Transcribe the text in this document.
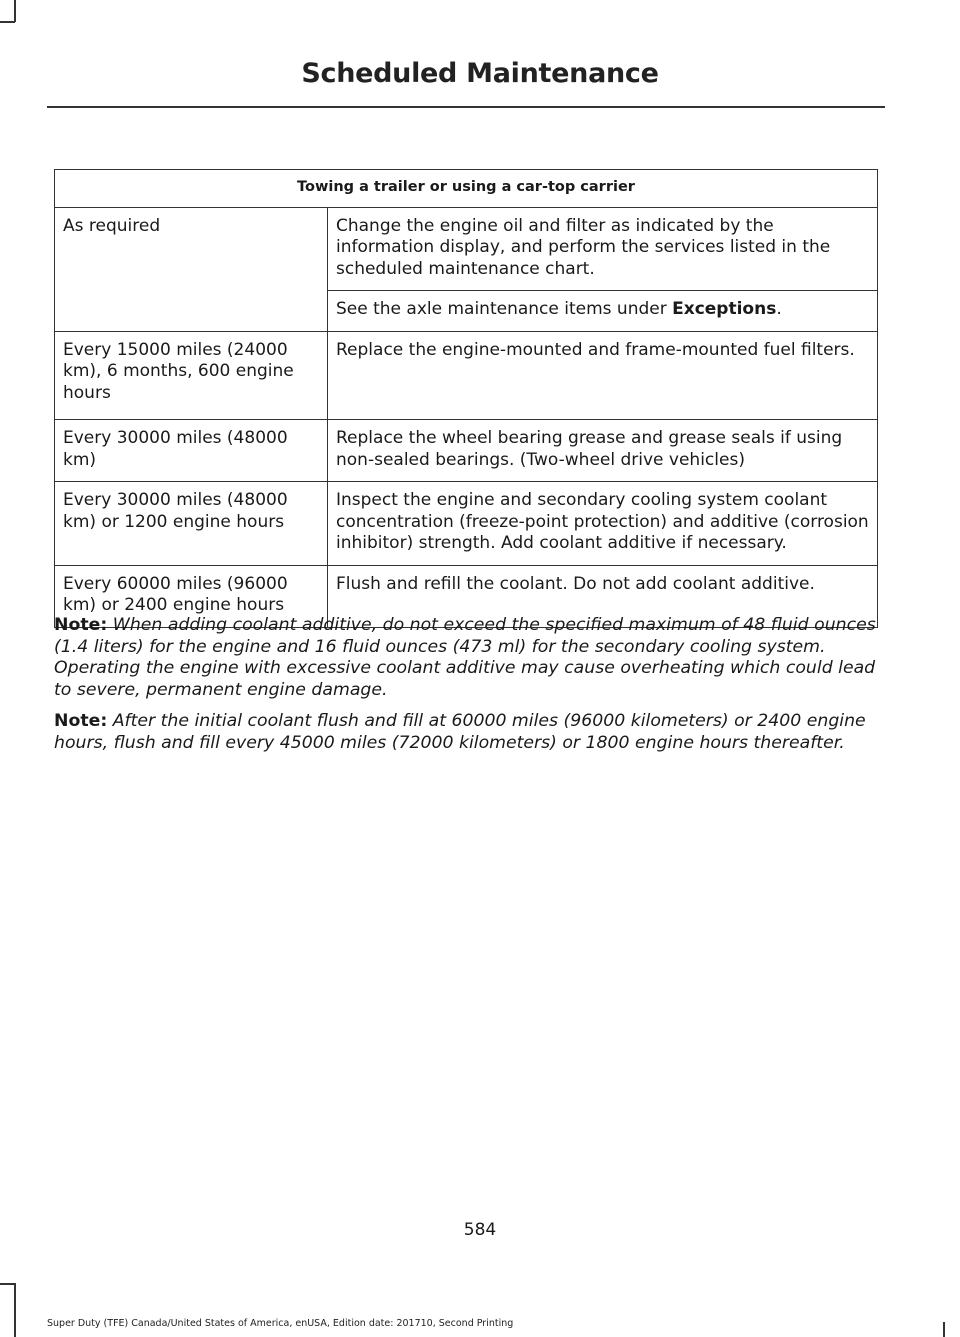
Scheduled Maintenance
Towing a trailer or using a car-top carrier	
As required	Change the engine oil and filter as indicated by the information display, and perform the services listed in the scheduled maintenance chart.
	See the axle maintenance items under Exceptions.
Every 15000 miles (24000 km), 6 months, 600 engine hours	Replace the engine-mounted and frame-mounted fuel filters.
Every 30000 miles (48000 km)	Replace the wheel bearing grease and grease seals if using non-sealed bearings. (Two-wheel drive vehicles)
Every 30000 miles (48000 km) or 1200 engine hours	Inspect the engine and secondary cooling system coolant concentration (freeze-point protection) and additive (corrosion inhibitor) strength. Add coolant additive if necessary.
Every 60000 miles (96000 km) or 2400 engine hours	Flush and refill the coolant. Do not add coolant additive.

Note: When adding coolant additive, do not exceed the specified maximum of 48 fluid ounces (1.4 liters) for the engine and 16 fluid ounces (473 ml) for the secondary cooling system. Operating the engine with excessive coolant additive may cause overheating which could lead to severe, permanent engine damage.

Note: After the initial coolant flush and fill at 60000 miles (96000 kilometers) or 2400 engine hours, flush and fill every 45000 miles (72000 kilometers) or 1800 engine hours thereafter.

584
Super Duty (TFE) Canada/United States of America, enUSA, Edition date: 201710, Second Printing
